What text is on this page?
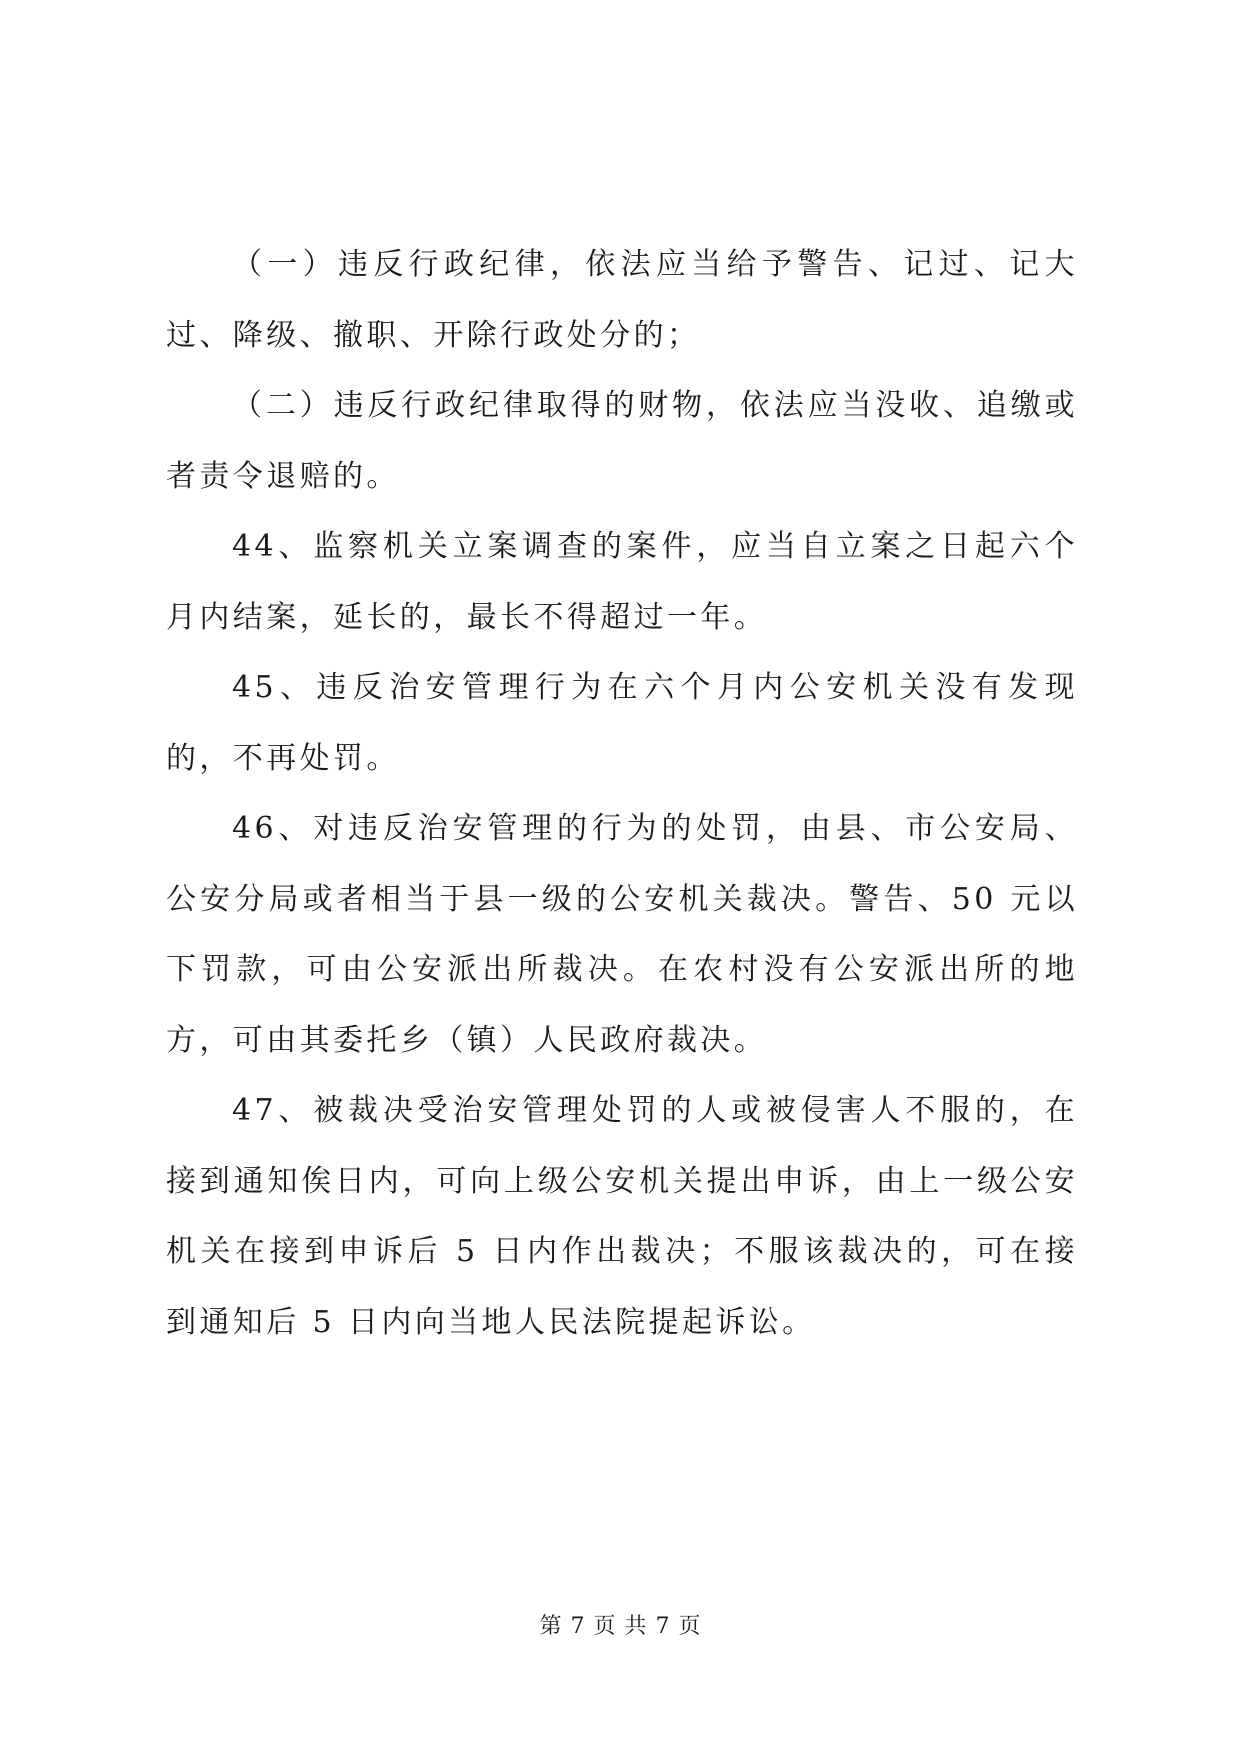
（一）违反行政纪律，依法应当给予警告、记过、记大过、降级、撤职、开除行政处分的；

（二）违反行政纪律取得的财物，依法应当没收、追缴或者责令退赔的。

44、监察机关立案调查的案件，应当自立案之日起六个月内结案，延长的，最长不得超过一年。

45、违反治安管理行为在六个月内公安机关没有发现的，不再处罚。

46、对违反治安管理的行为的处罚，由县、市公安局、公安分局或者相当于县一级的公安机关裁决。警告、50 元以下罚款，可由公安派出所裁决。在农村没有公安派出所的地方，可由其委托乡（镇）人民政府裁决。

47、被裁决受治安管理处罚的人或被侵害人不服的，在接到通知俟日内，可向上级公安机关提出申诉，由上一级公安机关在接到申诉后 5 日内作出裁决；不服该裁决的，可在接到通知后 5 日内向当地人民法院提起诉讼。

第 7 页 共 7 页
